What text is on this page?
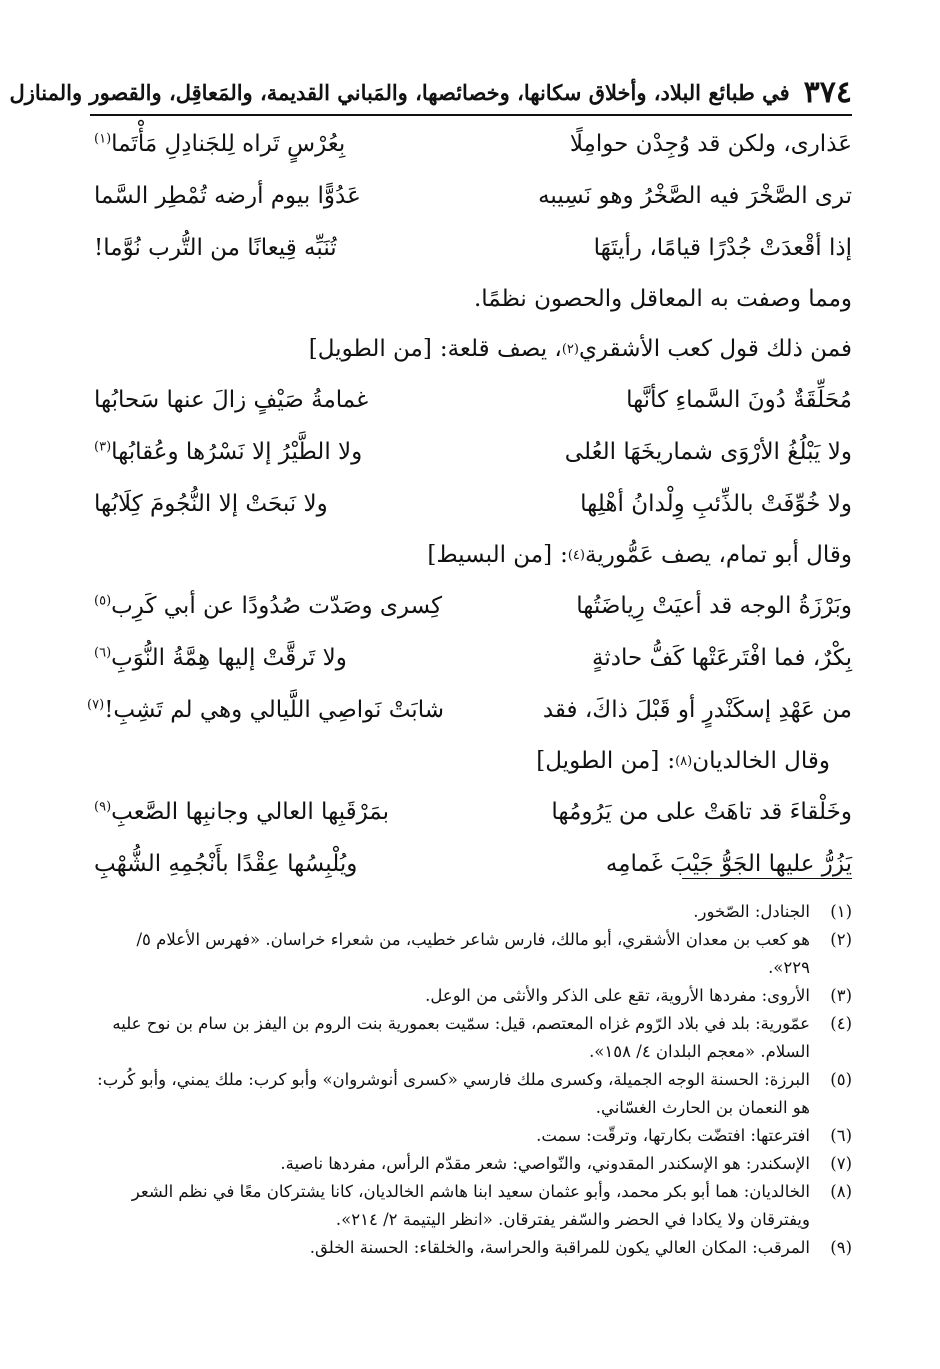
٣٧٤
في طبائع البلاد، وأخلاق سكانها، وخصائصها، والمَباني القديمة، والمَعاقِل، والقصور والمنازل
عَذارى، ولكن قد وُجِدْن حوامِلًا
بِعُرْسٍ تَراه لِلجَنادِلِ مَأْتَما$^{(١)}$
ترى الصَّخْرَ فيه الصَّخْرُ وهو نَسِيبه
عَدُوًّا بيوم أرضه تُمْطِر السَّما
إذا أقْعدَتْ جُدْرًا قيامًا، رأيتَهَا
تُنَبِّه قِيعانًا من التُّرب نُوَّما!
ومما وصفت به المعاقل والحصون نظمًا.
فمن ذلك قول كعب الأشقري
(٢)
، يصف قلعة:
[من الطويل]
مُحَلِّقَةٌ دُونَ السَّماءِ كأنَّها
غمامةُ صَيْفٍ زالَ عنها سَحابُها
ولا يَبْلُغُ الأرْوَى شماريخَهَا العُلى
ولا الطَّيْرُ إلا نَسْرُها وعُقابُها$^{(٣)}$
ولا خُوِّفَتْ بالذِّئبِ وِلْدانُ أهْلِها
ولا نَبحَتْ إلا النُّجُومَ كِلَابُها
وقال أبو تمام، يصف عَمُّورية
(٤)
:
[من البسيط]
وبَرْزَةُ الوجه قد أعيَتْ رِياضَتُها
كِسرى وصَدّت صُدُودًا عن أبي كَرِب$^{(٥)}$
بِكْرٌ، فما افْتَرعَتْها كَفُّ حادثةٍ
ولا تَرقَّتْ إليها هِمَّةُ النُّوَبِ$^{(٦)}$
من عَهْدِ إسكَنْدرٍ أو قَبْلَ ذاكَ، فقد
شابَتْ نَواصِي اللَّيالي وهي لم تَشِبِ!$^{(٧)}$
وقال الخالديان
(٨)
:
[من الطويل]
وخَلْقاءَ قد تاهَتْ على من يَرُومُها
بمَرْقَبِها العالي وجانبِها الصَّعبِ$^{(٩)}$
يَزُرُّ عليها الجَوُّ جَيْبَ غَمامِه
ويُلْبِسُها عِقْدًا بأَنْجُمِهِ الشُّهْبِ
(١)
الجنادل: الصّخور.
(٢)
هو كعب بن معدان الأشقري، أبو مالك، فارس شاعر خطيب، من شعراء خراسان. «فهرس الأعلام ٥/ ٢٢٩».
(٣)
الأروى: مفردها الأروية، تقع على الذكر والأنثى من الوعل.
(٤)
عمّورية: بلد في بلاد الرّوم غزاه المعتصم، قيل: سمّيت بعمورية بنت الروم بن اليفز بن سام بن نوح عليه السلام. «معجم البلدان ٤/ ١٥٨».
(٥)
البرزة: الحسنة الوجه الجميلة، وكسرى ملك فارسي «كسرى أنوشروان» وأبو كرب: ملك يمني، وأبو كُرب: هو النعمان بن الحارث الغسّاني.
(٦)
افترعتها: افتضّت بكارتها، وترقّت: سمت.
(٧)
الإسكندر: هو الإسكندر المقدوني، والنّواصي: شعر مقدّم الرأس، مفردها ناصية.
(٨)
الخالديان: هما أبو بكر محمد، وأبو عثمان سعيد ابنا هاشم الخالديان، كانا يشتركان معًا في نظم الشعر ويفترقان ولا يكادا في الحضر والسّفر يفترقان. «انظر اليتيمة ٢/ ٢١٤».
(٩)
المرقب: المكان العالي يكون للمراقبة والحراسة، والخلقاء: الحسنة الخلق.
